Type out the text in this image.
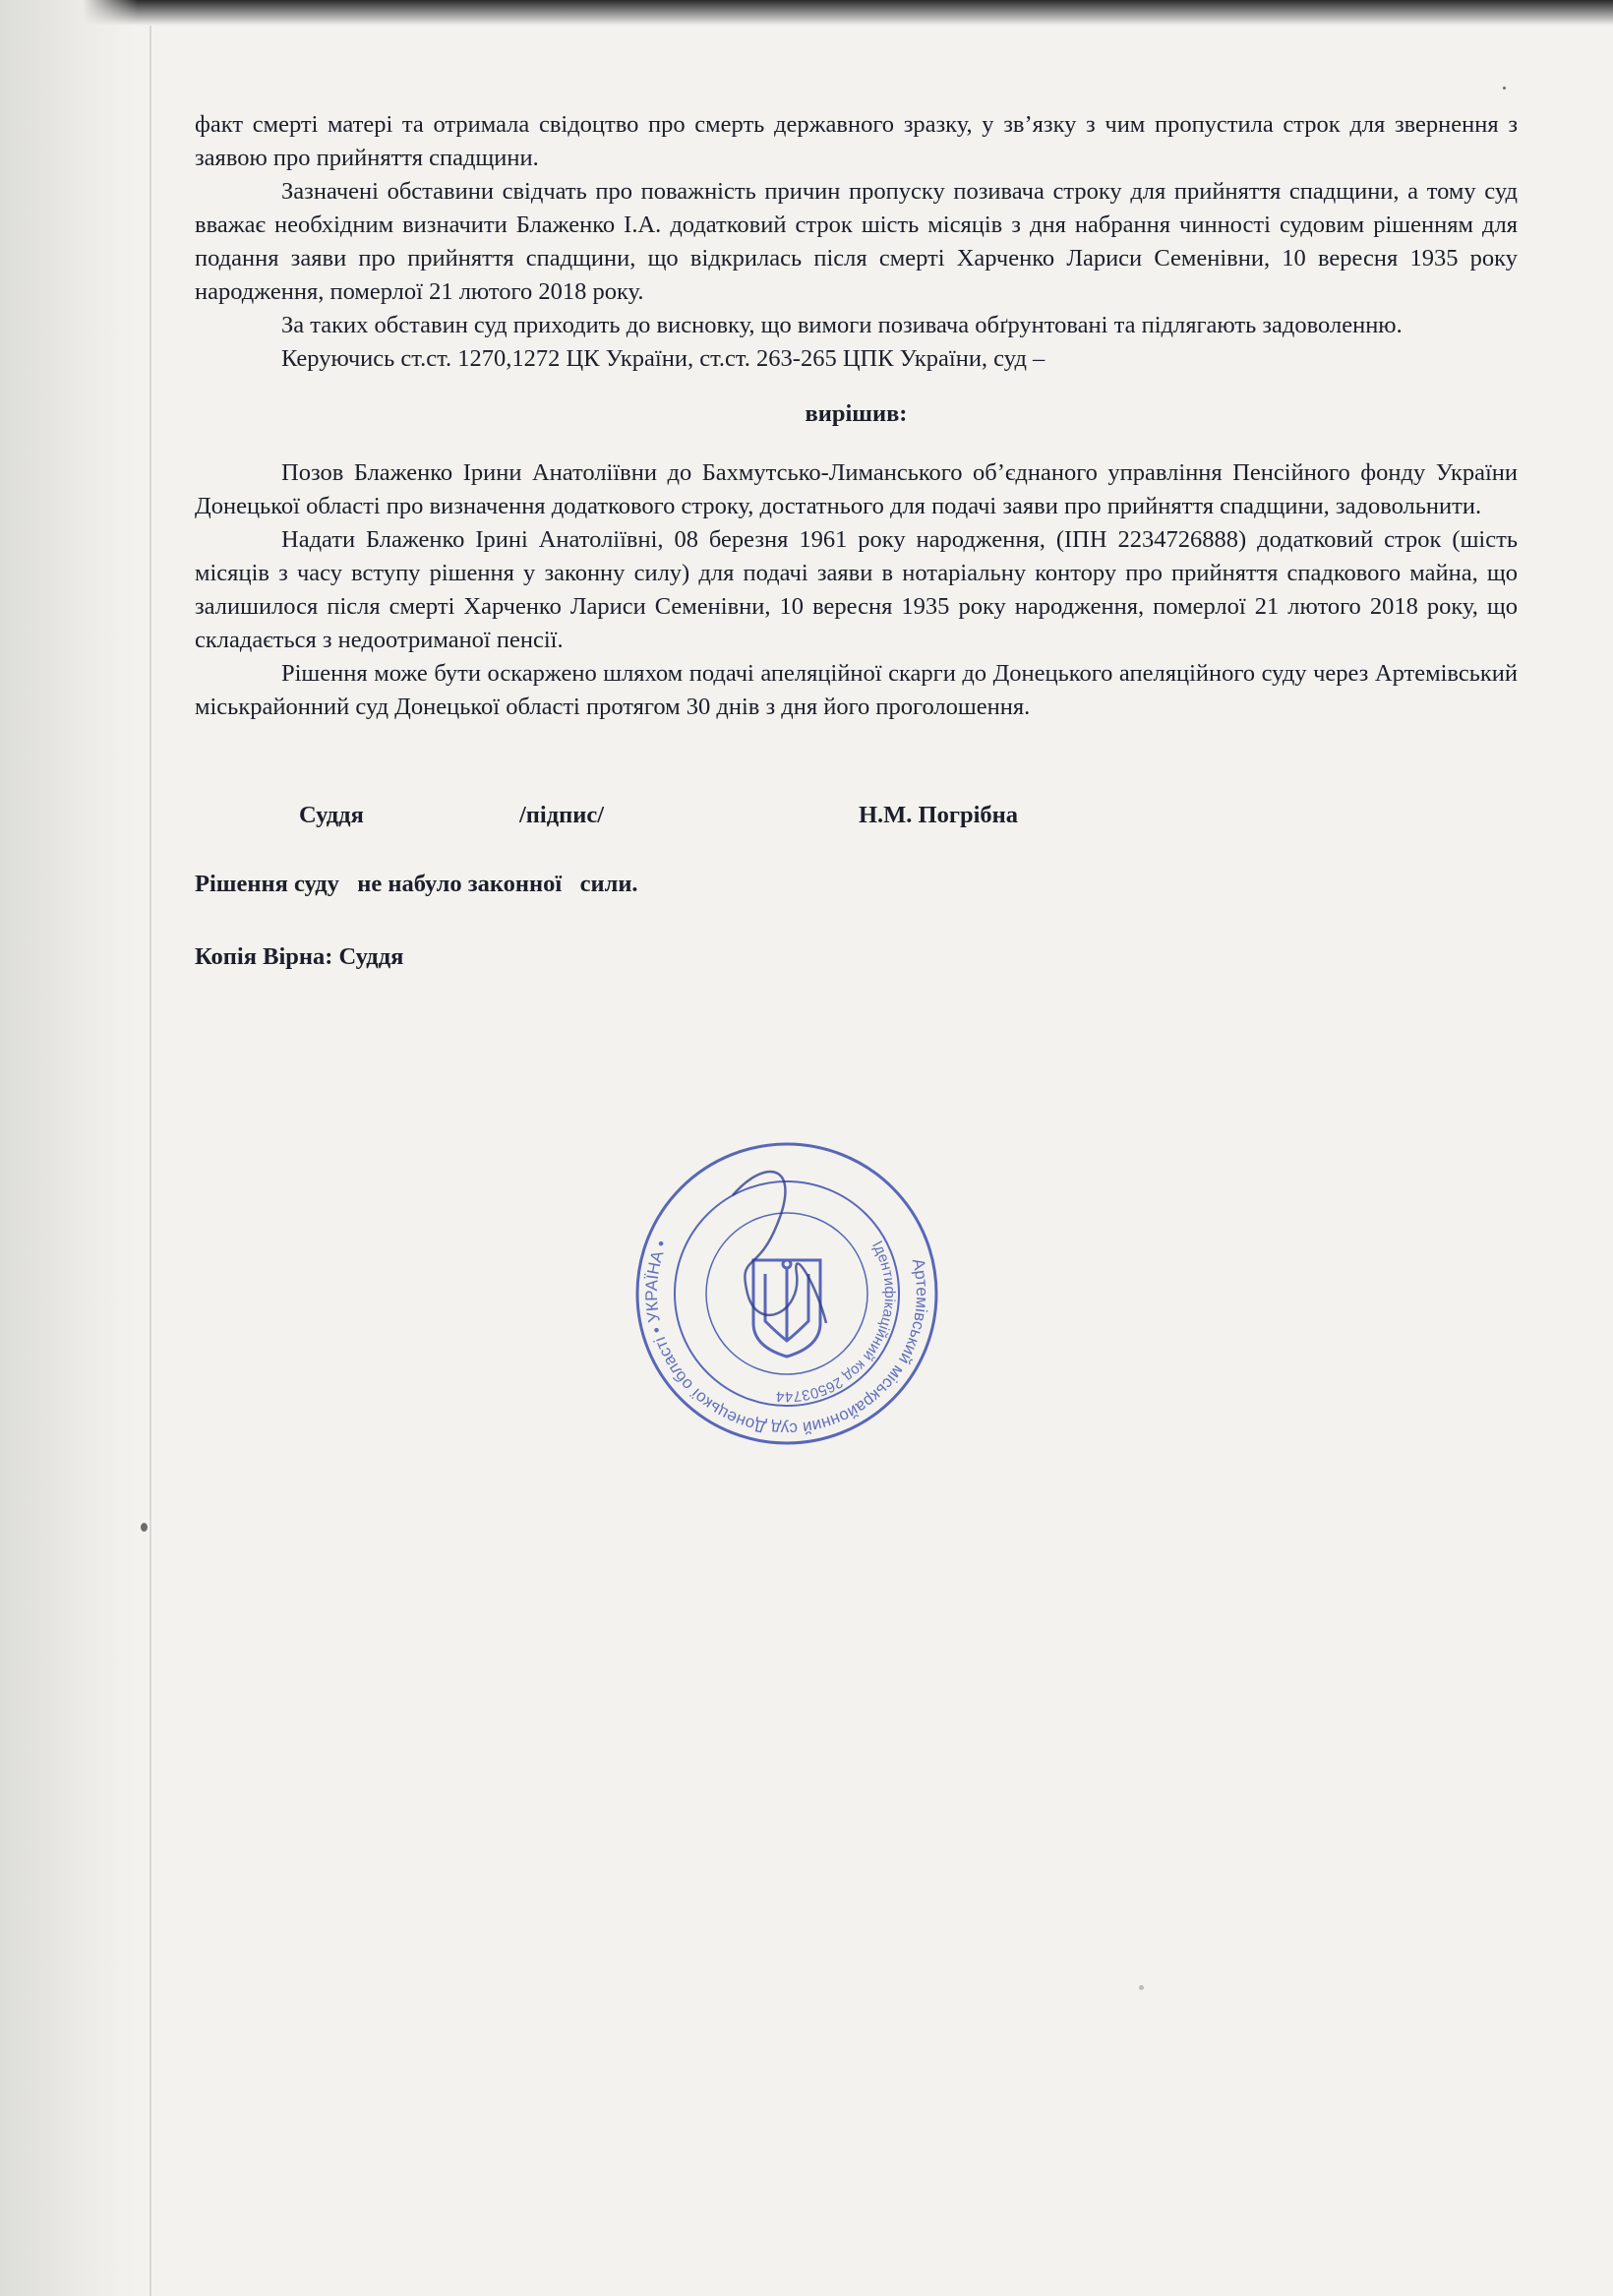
факт смерті матері та отримала свідоцтво про смерть державного зразку, у зв’язку з чим пропустила строк для звернення з заявою про прийняття спадщини.

Зазначені обставини свідчать про поважність причин пропуску позивача строку для прийняття спадщини, а тому суд вважає необхідним визначити Блаженко І.А. додатковий строк шість місяців з дня набрання чинності судовим рішенням для подання заяви про прийняття спадщини, що відкрилась після смерті Харченко Лариси Семенівни, 10 вересня 1935 року народження, померлої 21 лютого 2018 року.

За таких обставин суд приходить до висновку, що вимоги позивача обґрунтовані та підлягають задоволенню.

Керуючись ст.ст. 1270,1272 ЦК України, ст.ст. 263-265 ЦПК України, суд –

вирішив:

Позов Блаженко Ірини Анатоліївни до Бахмутсько-Лиманського об’єднаного управління Пенсійного фонду України Донецької області про визначення додаткового строку, достатнього для подачі заяви про прийняття спадщини, задовольнити.

Надати Блаженко Ірині Анатоліївні, 08 березня 1961 року народження, (ІПН 2234726888) додатковий строк (шість місяців з часу вступу рішення у законну силу) для подачі заяви в нотаріальну контору про прийняття спадкового майна, що залишилося після смерті Харченко Лариси Семенівни, 10 вересня 1935 року народження, померлої 21 лютого 2018 року, що складається з недоотриманої пенсії.

Рішення може бути оскаржено шляхом подачі апеляційної скарги до Донецького апеляційного суду через Артемівський міськрайонний суд Донецької області протягом 30 днів з дня його проголошення.

Суддя	/підпис/	Н.М. Погрібна
Рішення суду   не набуло законної   сили.
Копія Вірна: Суддя
Артемівський міськрайонний суд Донецької області • УКРАЇНА •	Ідентифікаційний код 26503744
